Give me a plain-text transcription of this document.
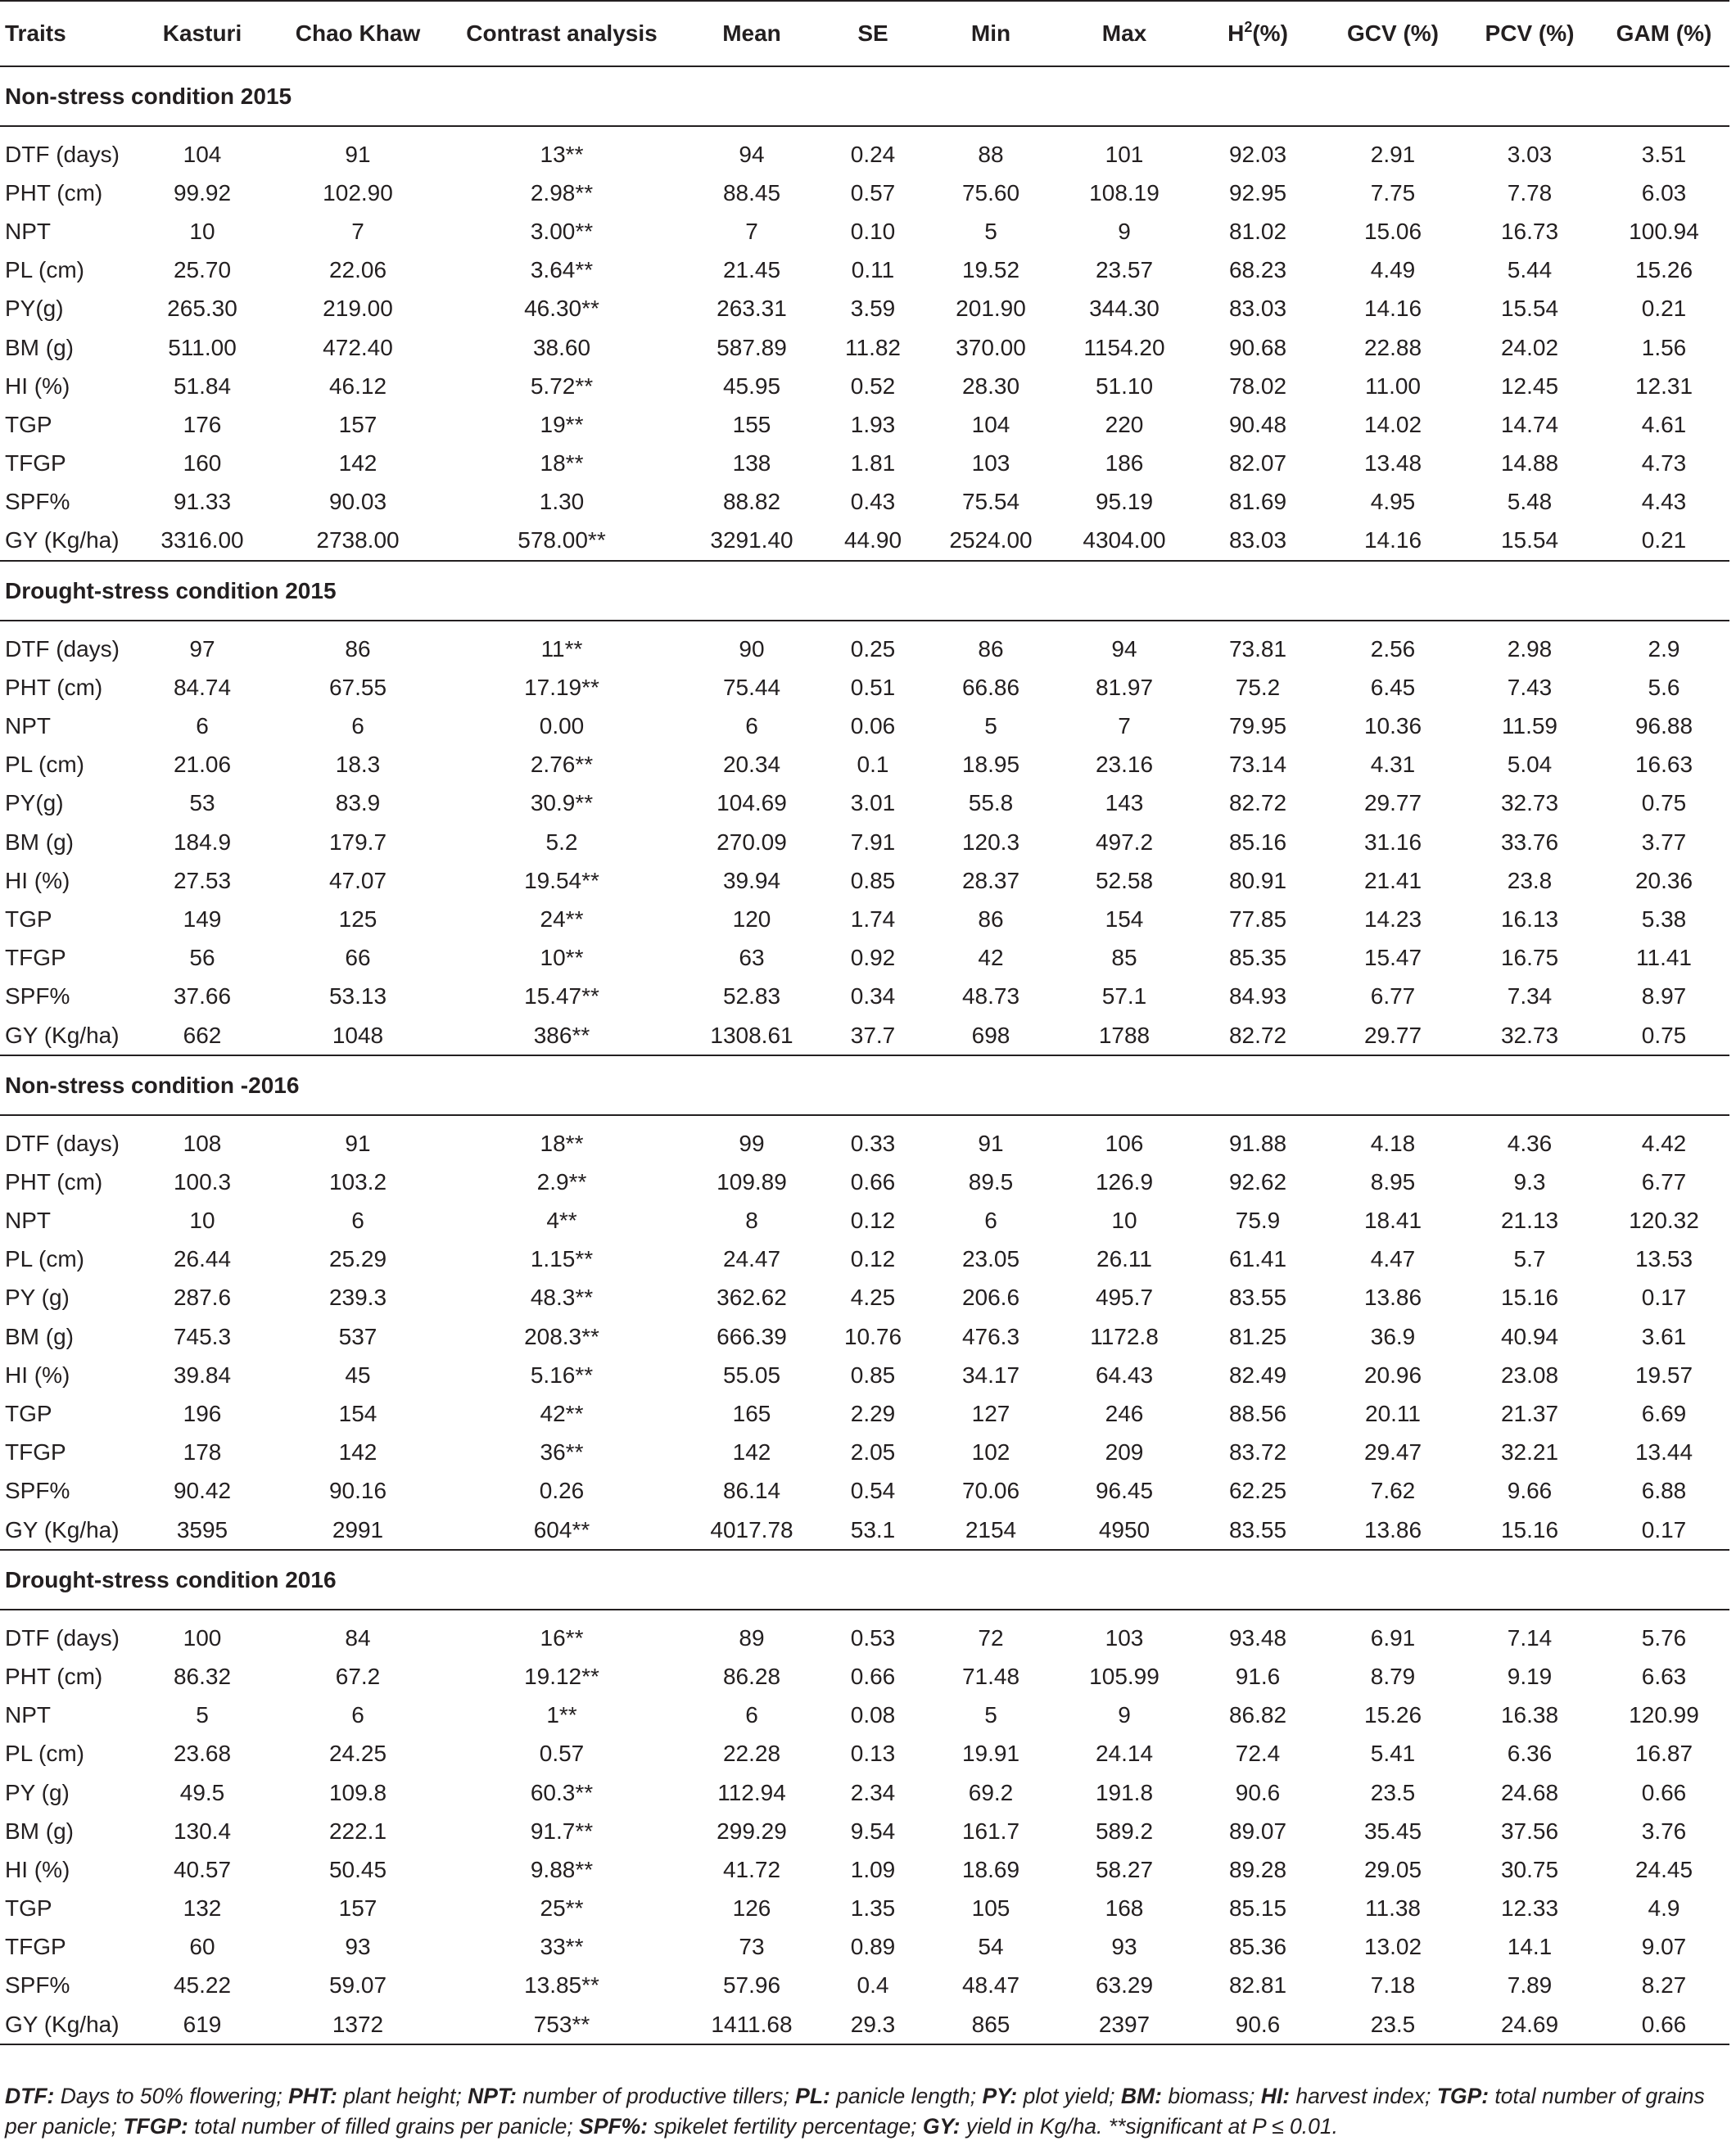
Traits	Kasturi	Chao Khaw	Contrast analysis	Mean	SE	Min	Max	$H^2(\%)$	GCV (%)	PCV (%)	GAM (%)
Non-stress condition 2015											
DTF (days)	104	91	13**	94	0.24	88	101	92.03	2.91	3.03	3.51
PHT (cm)	99.92	102.90	2.98**	88.45	0.57	75.60	108.19	92.95	7.75	7.78	6.03
NPT	10	7	3.00**	7	0.10	5	9	81.02	15.06	16.73	100.94
PL (cm)	25.70	22.06	3.64**	21.45	0.11	19.52	23.57	68.23	4.49	5.44	15.26
PY(g)	265.30	219.00	46.30**	263.31	3.59	201.90	344.30	83.03	14.16	15.54	0.21
BM (g)	511.00	472.40	38.60	587.89	11.82	370.00	1154.20	90.68	22.88	24.02	1.56
HI (%)	51.84	46.12	5.72**	45.95	0.52	28.30	51.10	78.02	11.00	12.45	12.31
TGP	176	157	19**	155	1.93	104	220	90.48	14.02	14.74	4.61
TFGP	160	142	18**	138	1.81	103	186	82.07	13.48	14.88	4.73
SPF%	91.33	90.03	1.30	88.82	0.43	75.54	95.19	81.69	4.95	5.48	4.43
GY (Kg/ha)	3316.00	2738.00	578.00**	3291.40	44.90	2524.00	4304.00	83.03	14.16	15.54	0.21
Drought-stress condition 2015											
DTF (days)	97	86	11**	90	0.25	86	94	73.81	2.56	2.98	2.9
PHT (cm)	84.74	67.55	17.19**	75.44	0.51	66.86	81.97	75.2	6.45	7.43	5.6
NPT	6	6	0.00	6	0.06	5	7	79.95	10.36	11.59	96.88
PL (cm)	21.06	18.3	2.76**	20.34	0.1	18.95	23.16	73.14	4.31	5.04	16.63
PY(g)	53	83.9	30.9**	104.69	3.01	55.8	143	82.72	29.77	32.73	0.75
BM (g)	184.9	179.7	5.2	270.09	7.91	120.3	497.2	85.16	31.16	33.76	3.77
HI (%)	27.53	47.07	19.54**	39.94	0.85	28.37	52.58	80.91	21.41	23.8	20.36
TGP	149	125	24**	120	1.74	86	154	77.85	14.23	16.13	5.38
TFGP	56	66	10**	63	0.92	42	85	85.35	15.47	16.75	11.41
SPF%	37.66	53.13	15.47**	52.83	0.34	48.73	57.1	84.93	6.77	7.34	8.97
GY (Kg/ha)	662	1048	386**	1308.61	37.7	698	1788	82.72	29.77	32.73	0.75
Non-stress condition -2016											
DTF (days)	108	91	18**	99	0.33	91	106	91.88	4.18	4.36	4.42
PHT (cm)	100.3	103.2	2.9**	109.89	0.66	89.5	126.9	92.62	8.95	9.3	6.77
NPT	10	6	4**	8	0.12	6	10	75.9	18.41	21.13	120.32
PL (cm)	26.44	25.29	1.15**	24.47	0.12	23.05	26.11	61.41	4.47	5.7	13.53
PY (g)	287.6	239.3	48.3**	362.62	4.25	206.6	495.7	83.55	13.86	15.16	0.17
BM (g)	745.3	537	208.3**	666.39	10.76	476.3	1172.8	81.25	36.9	40.94	3.61
HI (%)	39.84	45	5.16**	55.05	0.85	34.17	64.43	82.49	20.96	23.08	19.57
TGP	196	154	42**	165	2.29	127	246	88.56	20.11	21.37	6.69
TFGP	178	142	36**	142	2.05	102	209	83.72	29.47	32.21	13.44
SPF%	90.42	90.16	0.26	86.14	0.54	70.06	96.45	62.25	7.62	9.66	6.88
GY (Kg/ha)	3595	2991	604**	4017.78	53.1	2154	4950	83.55	13.86	15.16	0.17
Drought-stress condition 2016											
DTF (days)	100	84	16**	89	0.53	72	103	93.48	6.91	7.14	5.76
PHT (cm)	86.32	67.2	19.12**	86.28	0.66	71.48	105.99	91.6	8.79	9.19	6.63
NPT	5	6	1**	6	0.08	5	9	86.82	15.26	16.38	120.99
PL (cm)	23.68	24.25	0.57	22.28	0.13	19.91	24.14	72.4	5.41	6.36	16.87
PY (g)	49.5	109.8	60.3**	112.94	2.34	69.2	191.8	90.6	23.5	24.68	0.66
BM (g)	130.4	222.1	91.7**	299.29	9.54	161.7	589.2	89.07	35.45	37.56	3.76
HI (%)	40.57	50.45	9.88**	41.72	1.09	18.69	58.27	89.28	29.05	30.75	24.45
TGP	132	157	25**	126	1.35	105	168	85.15	11.38	12.33	4.9
TFGP	60	93	33**	73	0.89	54	93	85.36	13.02	14.1	9.07
SPF%	45.22	59.07	13.85**	57.96	0.4	48.47	63.29	82.81	7.18	7.89	8.27
GY (Kg/ha)	619	1372	753**	1411.68	29.3	865	2397	90.6	23.5	24.69	0.66
DTF: Days to 50% flowering; PHT: plant height; NPT: number of productive tillers; PL: panicle length; PY: plot yield; BM: biomass; HI: harvest index; TGP: total number of grains per panicle; TFGP: total number of filled grains per panicle; SPF%: spikelet fertility percentage; GY: yield in Kg/ha. **significant at P ≤ 0.01.
